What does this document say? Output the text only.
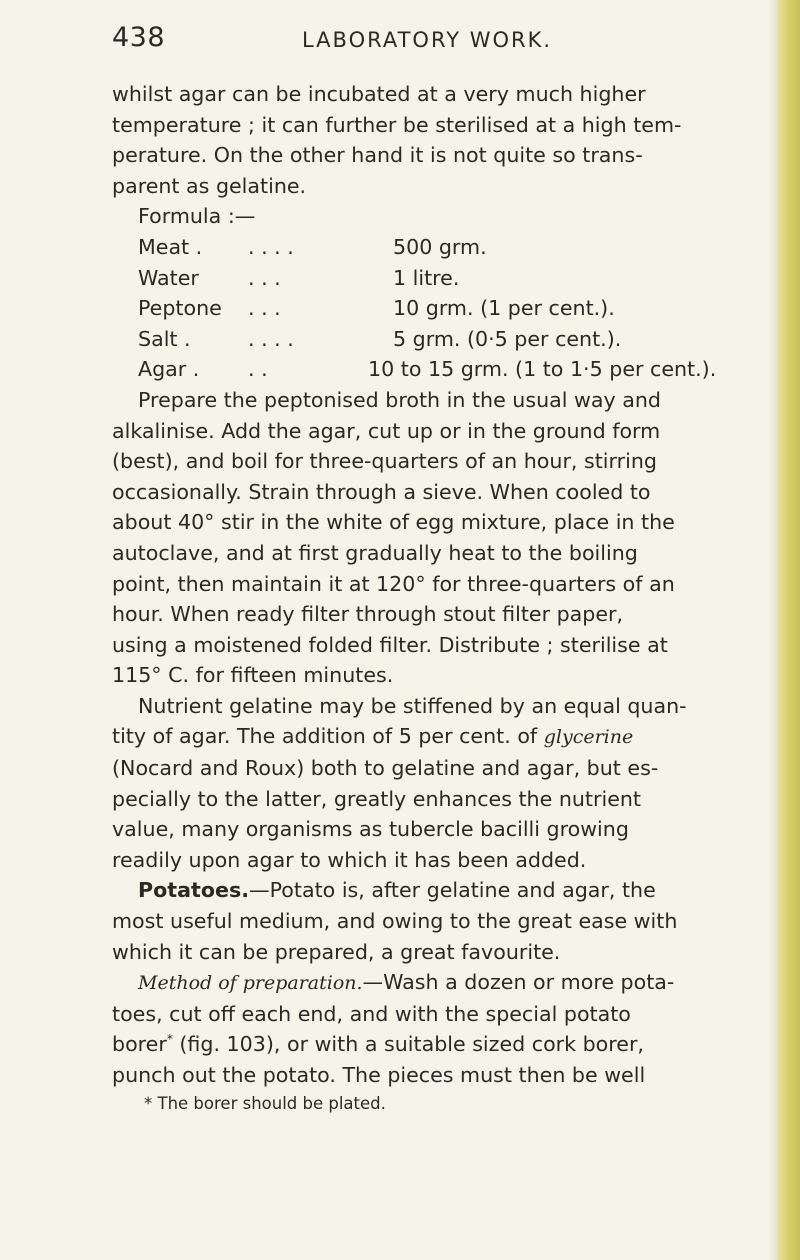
438	LABORATORY WORK.

whilst agar can be incubated at a very much higher
temperature ; it can further be sterilised at a high tem-
perature. On the other hand it is not quite so trans-
parent as gelatine.

Formula :—
Meat .	. . . .	500 grm.
Water	. . .	1 litre.
Peptone	. . .	10 grm. (1 per cent.).
Salt .	. . . .	5 grm. (0·5 per cent.).
Agar .	. .	10 to 15 grm. (1 to 1·5 per cent.).

Prepare the peptonised broth in the usual way and
alkalinise. Add the agar, cut up or in the ground form
(best), and boil for three-quarters of an hour, stirring
occasionally. Strain through a sieve. When cooled to
about 40° stir in the white of egg mixture, place in the
autoclave, and at first gradually heat to the boiling
point, then maintain it at 120° for three-quarters of an
hour. When ready filter through stout filter paper,
using a moistened folded filter. Distribute ; sterilise at
115° C. for fifteen minutes.

Nutrient gelatine may be stiffened by an equal quan-
tity of agar. The addition of 5 per cent. of glycerine
(Nocard and Roux) both to gelatine and agar, but es-
pecially to the latter, greatly enhances the nutrient
value, many organisms as tubercle bacilli growing
readily upon agar to which it has been added.

Potatoes.—Potato is, after gelatine and agar, the
most useful medium, and owing to the great ease with
which it can be prepared, a great favourite.

Method of preparation.—Wash a dozen or more pota-
toes, cut off each end, and with the special potato
borer* (fig. 103), or with a suitable sized cork borer,
punch out the potato. The pieces must then be well

* The borer should be plated.
